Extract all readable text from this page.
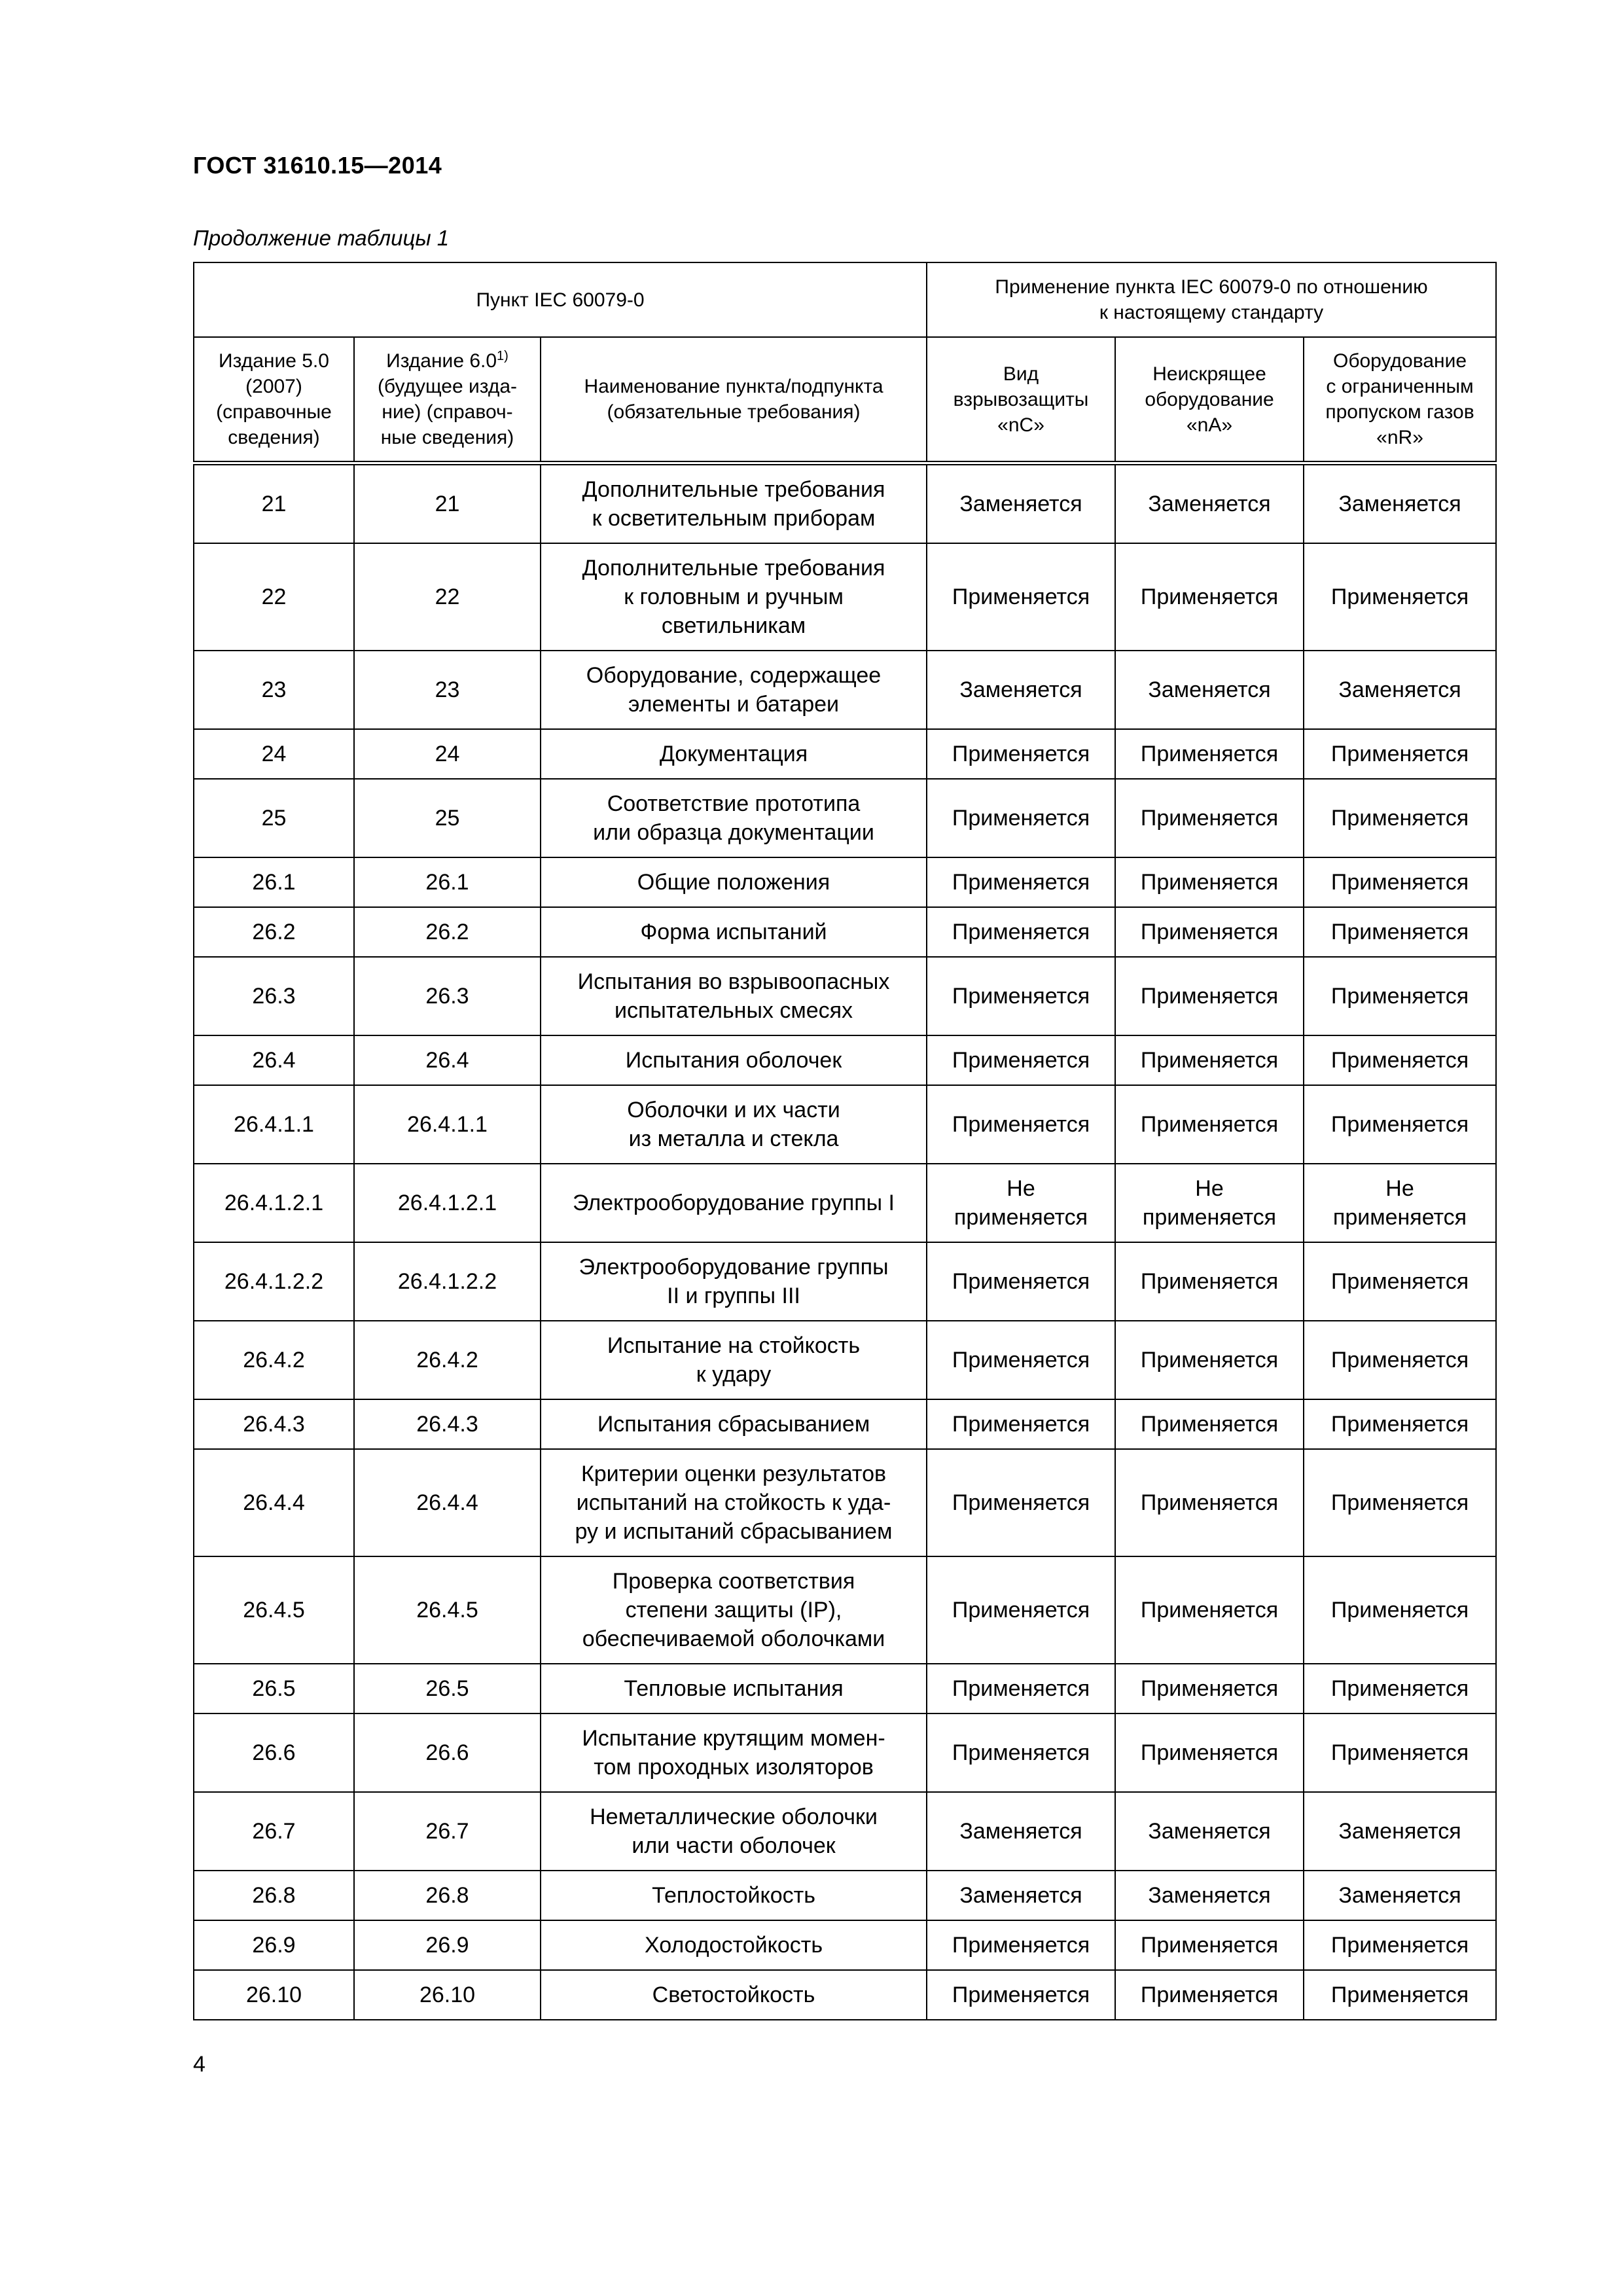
ГОСТ 31610.15—2014
Продолжение таблицы 1
Пункт IEC 60079-0			Применение пункта IEC 60079-0 по отношению
к настоящему стандарту		

Издание 5.0
(2007)
(справочные
сведения)	Издание 6.0$^{1)}$
(будущее изда-
ние) (справоч-
ные сведения)	Наименование пункта/подпункта
(обязательные требования)	Вид
взрывозащиты
«nC»	Неискрящее
оборудование
«nA»	Оборудование
с ограниченным
пропуском газов
«nR»

21	21	Дополнительные требования
к осветительным приборам	Заменяется	Заменяется	Заменяется

22	22	Дополнительные требования
к головным и ручным
светильникам	Применяется	Применяется	Применяется

23	23	Оборудование, содержащее
элементы и батареи	Заменяется	Заменяется	Заменяется

24	24	Документация	Применяется	Применяется	Применяется

25	25	Соответствие прототипа
или образца документации	Применяется	Применяется	Применяется

26.1	26.1	Общие положения	Применяется	Применяется	Применяется

26.2	26.2	Форма испытаний	Применяется	Применяется	Применяется

26.3	26.3	Испытания во взрывоопасных
испытательных смесях	Применяется	Применяется	Применяется

26.4	26.4	Испытания оболочек	Применяется	Применяется	Применяется

26.4.1.1	26.4.1.1	Оболочки и их части
из металла и стекла	Применяется	Применяется	Применяется

26.4.1.2.1	26.4.1.2.1	Электрооборудование группы I	Не
применяется	Не
применяется	Не
применяется

26.4.1.2.2	26.4.1.2.2	Электрооборудование группы
II и группы III	Применяется	Применяется	Применяется

26.4.2	26.4.2	Испытание на стойкость
к удару	Применяется	Применяется	Применяется

26.4.3	26.4.3	Испытания сбрасыванием	Применяется	Применяется	Применяется

26.4.4	26.4.4	Критерии оценки результатов
испытаний на стойкость к уда-
ру и испытаний сбрасыванием	Применяется	Применяется	Применяется

26.4.5	26.4.5	Проверка соответствия
степени защиты (IP),
обеспечиваемой оболочками	Применяется	Применяется	Применяется

26.5	26.5	Тепловые испытания	Применяется	Применяется	Применяется

26.6	26.6	Испытание крутящим момен-
том проходных изоляторов	Применяется	Применяется	Применяется

26.7	26.7	Неметаллические оболочки
или части оболочек	Заменяется	Заменяется	Заменяется

26.8	26.8	Теплостойкость	Заменяется	Заменяется	Заменяется

26.9	26.9	Холодостойкость	Применяется	Применяется	Применяется

26.10	26.10	Светостойкость	Применяется	Применяется	Применяется
4
